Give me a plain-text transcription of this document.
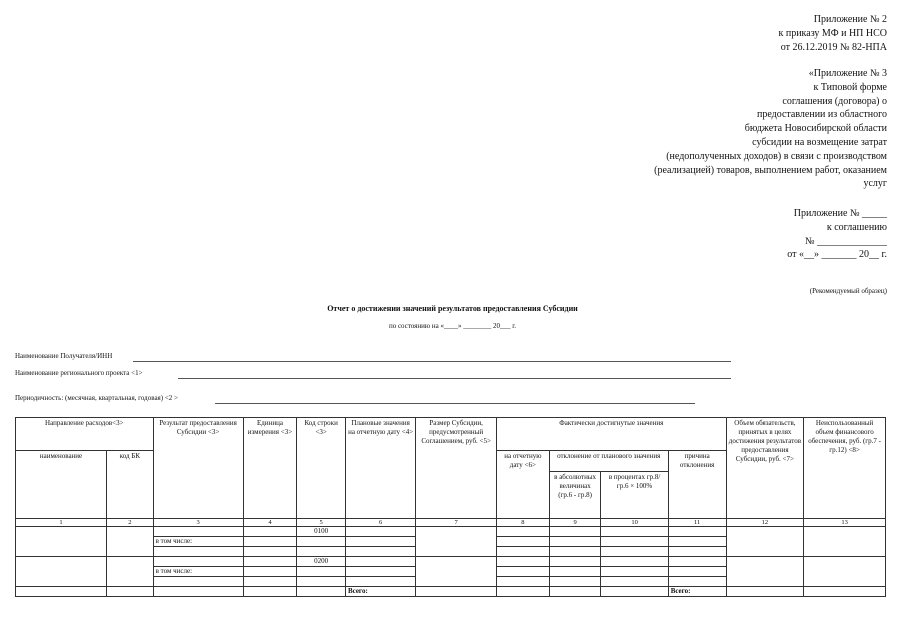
Приложение № 2
к приказу МФ и НП НСО
от 26.12.2019 № 82-НПА
«Приложение № 3
к Типовой форме
соглашения (договора) о
предоставлении из областного
бюджета Новосибирской области
субсидии на возмещение затрат
(недополученных доходов) в связи с производством
(реализацией) товаров, выполнением работ, оказанием
услуг
Приложение № _____
к соглашению
№ ______________
от «__» _______ 20__ г.
(Рекомендуемый образец)
Отчет о достижении значений результатов предоставления Субсидии
по состоянию на «____» ________ 20___ г.
Наименование Получателя/ИНН
Наименование регионального проекта <1>
Периодичность: (месячная, квартальная, годовая) <2 >
Направление расходов<3>		Результат предоставления Субсидии <3>	Единица измерения <3>	Код строки <3>	Плановые значения на отчетную дату <4>	Размер Субсидии, предусмотренный Соглашением, руб. <5>	Фактически достигнутые значения				Объем обязательств, принятых в целях достижения результатов предоставления Субсидии, руб. <7>	Неиспользованный объем финансового обеспечения, руб. (гр.7 - гр.12) <8>
наименование	код БК						на отчетную дату <6>	отклонение от планового значения		причина отклонения		
								в абсолютных величинах (гр.6 - гр.8)	в процентах гр.8/гр.6 × 100%			
1	2	3	4	5	6	7	8	9	10	11	12	13
				0100								
		в том числе:										

				0200								
		в том числе:										

					Всего:					Всего:		
